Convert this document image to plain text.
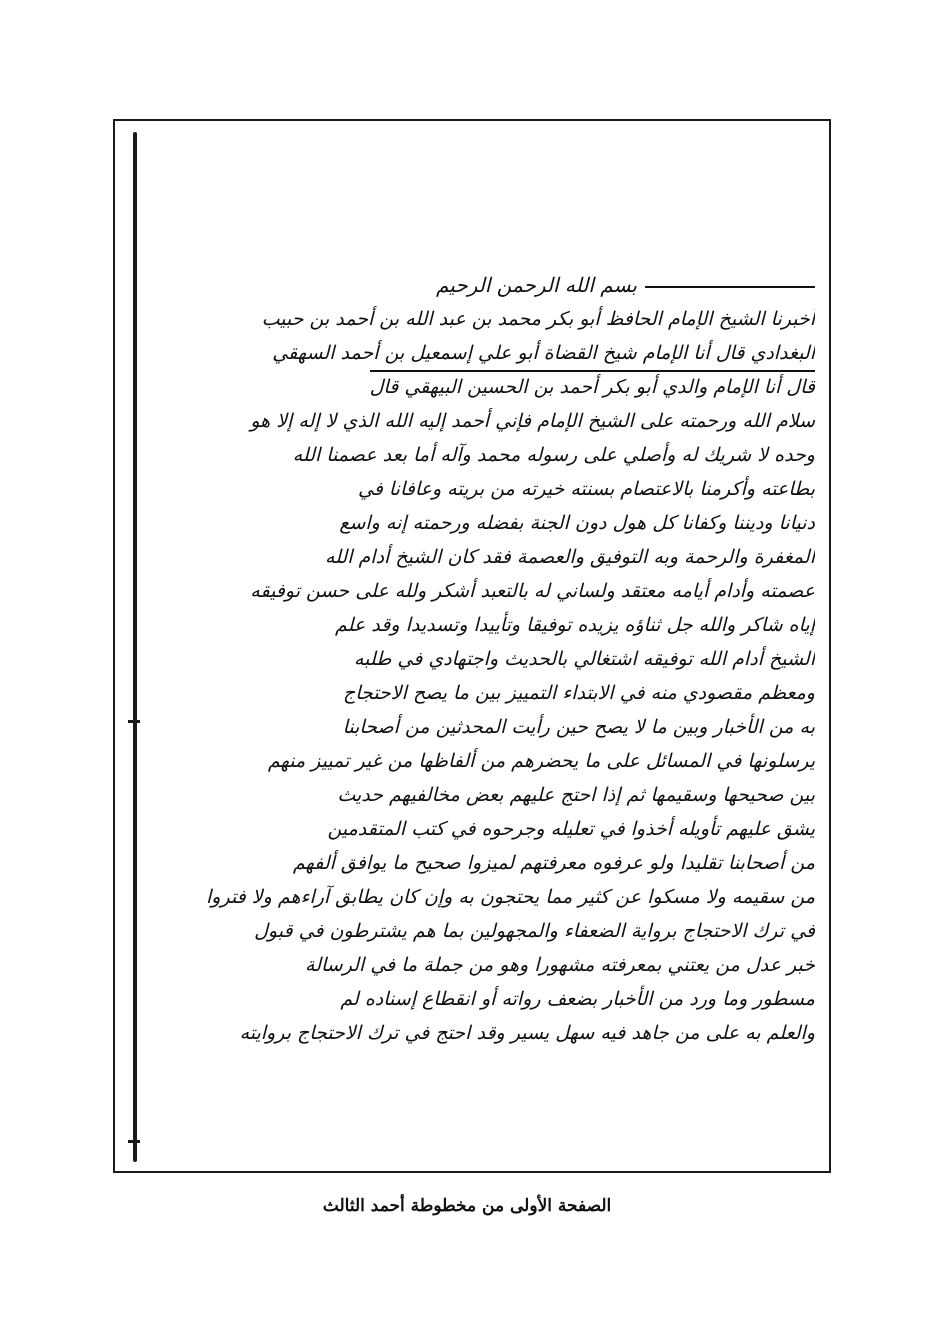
بسم الله الرحمن الرحيم
أخبرنا الشيخ الإمام الحافظ أبو بكر محمد بن عبد الله بن أحمد بن حبيب
البغدادي قال أنا الإمام شيخ القضاة أبو علي إسمعيل بن أحمد السهقي
قال أنا الإمام والدي أبو بكر أحمد بن الحسين البيهقي قال
سلام الله ورحمته على الشيخ الإمام فإني أحمد إليه الله الذي لا إله إلا هو
وحده لا شريك له وأصلي على رسوله محمد وآله أما بعد عصمنا الله
بطاعته وأكرمنا بالاعتصام بسنته خيرته من بريته وعافانا في
دنيانا وديننا وكفانا كل هول دون الجنة بفضله ورحمته إنه واسع
المغفرة والرحمة وبه التوفيق والعصمة فقد كان الشيخ أدام الله
عصمته وأدام أيامه معتقد ولساني له بالتعبد أشكر ولله على حسن توفيقه
إياه شاكر والله جل ثناؤه يزيده توفيقا وتأييدا وتسديدا وقد علم
الشيخ أدام الله توفيقه اشتغالي بالحديث واجتهادي في طلبه
ومعظم مقصودي منه في الابتداء التمييز بين ما يصح الاحتجاج
به من الأخبار وبين ما لا يصح حين رأيت المحدثين من أصحابنا
يرسلونها في المسائل على ما يحضرهم من ألفاظها من غير تمييز منهم
بين صحيحها وسقيمها ثم إذا احتج عليهم بعض مخالفيهم حديث
يشق عليهم تأويله أخذوا في تعليله وجرحوه في كتب المتقدمين
من أصحابنا تقليدا ولو عرفوه معرفتهم لميزوا صحيح ما يوافق ألفهم
من سقيمه ولا مسكوا عن كثير مما يحتجون به وإن كان يطابق آراءهم ولا فتروا
في ترك الاحتجاج برواية الضعفاء والمجهولين بما هم يشترطون في قبول
خبر عدل من يعتني بمعرفته مشهورا وهو من جملة ما في الرسالة
مسطور وما ورد من الأخبار بضعف رواته أو انقطاع إسناده لم
والعلم به على من جاهد فيه سهل يسير وقد احتج في ترك الاحتجاج بروايته
الصفحة الأولى من مخطوطة أحمد الثالث
